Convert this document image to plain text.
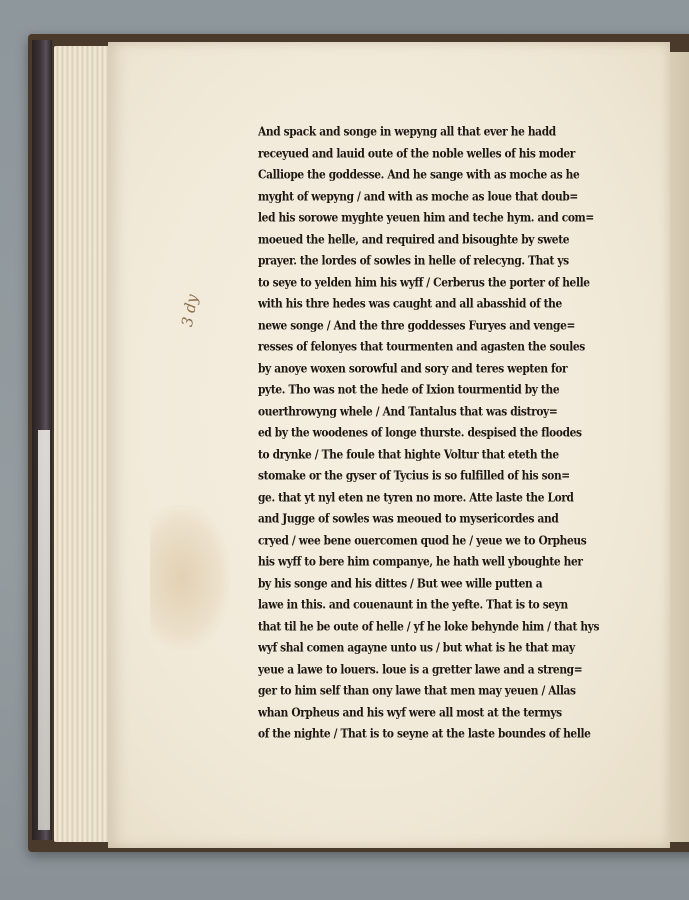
3 dy
And spack and songe in wepyng all that ever he hadd
receyued and lauid oute of the noble welles of his moder
Calliope the goddesse. And he sange with as moche as he
myght of wepyng / and with as moche as loue that doub=
led his sorowe myghte yeuen him and teche hym. and com=
moeued the helle, and required and bisoughte by swete
prayer. the lordes of sowles in helle of relecyng. That ys
to seye to yelden him his wyff / Cerberus the porter of helle
with his thre hedes was caught and all abasshid of the
newe songe / And the thre goddesses Furyes and venge=
resses of felonyes that tourmenten and agasten the soules
by anoye woxen sorowful and sory and teres wepten for
pyte. Tho was not the hede of Ixion tourmentid by the
ouerthrowyng whele / And Tantalus that was distroy=
ed by the woodenes of longe thurste. despised the floodes
to drynke / The foule that highte Voltur that eteth the
stomake or the gyser of Tycius is so fulfilled of his son=
ge. that yt nyl eten ne tyren no more. Atte laste the Lord
and Jugge of sowles was meoued to mysericordes and
cryed / wee bene ouercomen quod he / yeue we to Orpheus
his wyff to bere him companye, he hath well yboughte her
by his songe and his dittes / But wee wille putten a
lawe in this. and couenaunt in the yefte. That is to seyn
that til he be oute of helle / yf he loke behynde him / that hys
wyf shal comen agayne unto us / but what is he that may
yeue a lawe to louers. loue is a gretter lawe and a streng=
ger to him self than ony lawe that men may yeuen / Allas
whan Orpheus and his wyf were all most at the termys
of the nighte / That is to seyne at the laste boundes of helle
